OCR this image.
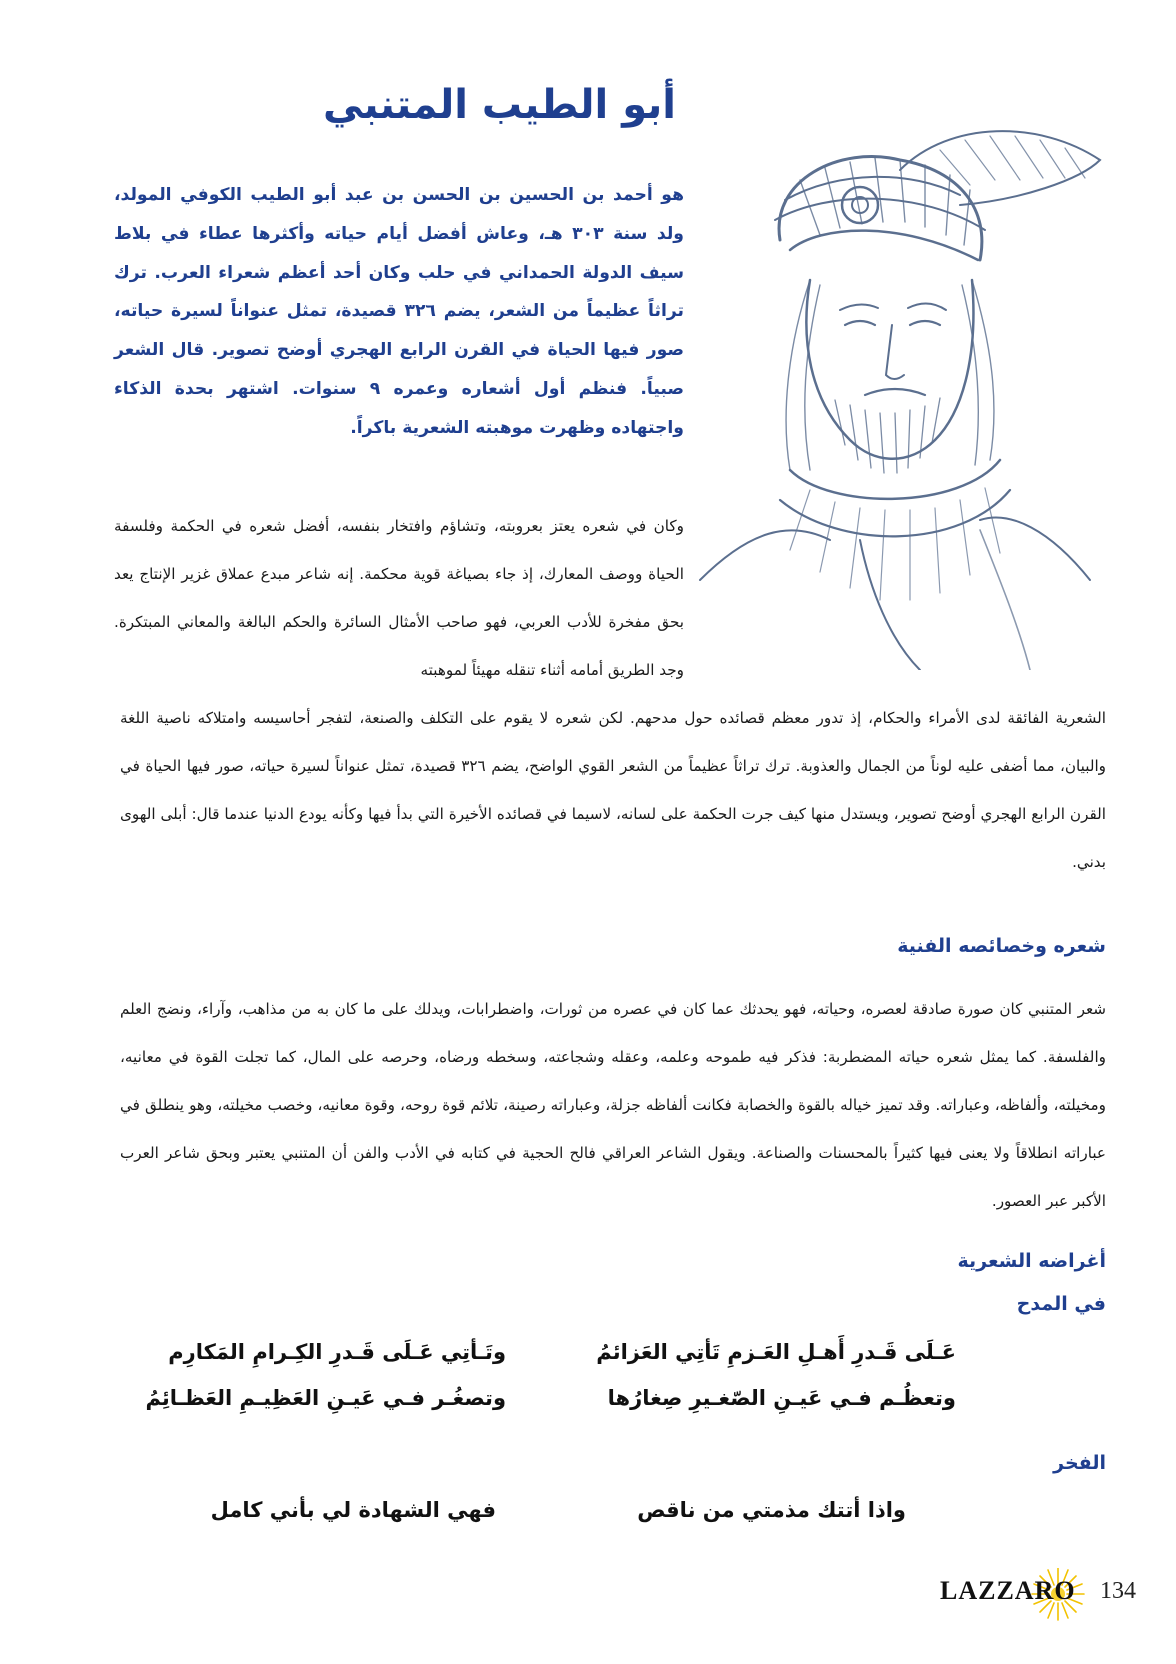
أبو الطيب المتنبي

هو أحمد بن الحسين بن الحسن بن عبد أبو الطيب الكوفي المولد، ولد سنة ٣٠٣ هـ، وعاش أفضل أيام حياته وأكثرها عطاء في بلاط سيف الدولة الحمداني في حلب وكان أحد أعظم شعراء العرب. ترك تراثاً عظيماً من الشعر، يضم ٣٢٦ قصيدة، تمثل عنواناً لسيرة حياته، صور فيها الحياة في القرن الرابع الهجري أوضح تصوير. قال الشعر صبياً. فنظم أول أشعاره وعمره ٩ سنوات. اشتهر بحدة الذكاء واجتهاده وظهرت موهبته الشعرية باكراً.

وكان في شعره يعتز بعروبته، وتشاؤم وافتخار بنفسه، أفضل شعره في الحكمة وفلسفة الحياة ووصف المعارك، إذ جاء بصياغة قوية محكمة. إنه شاعر مبدع عملاق غزير الإنتاج يعد بحق مفخرة للأدب العربي، فهو صاحب الأمثال السائرة والحكم البالغة والمعاني المبتكرة. وجد الطريق أمامه أثناء تنقله مهيئاً لموهبته

الشعرية الفائقة لدى الأمراء والحكام، إذ تدور معظم قصائده حول مدحهم. لكن شعره لا يقوم على التكلف والصنعة، لتفجر أحاسيسه وامتلاكه ناصية اللغة والبيان، مما أضفى عليه لوناً من الجمال والعذوبة. ترك تراثاً عظيماً من الشعر القوي الواضح، يضم ٣٢٦ قصيدة، تمثل عنواناً لسيرة حياته، صور فيها الحياة في القرن الرابع الهجري أوضح تصوير، ويستدل منها كيف جرت الحكمة على لسانه، لاسيما في قصائده الأخيرة التي بدأ فيها وكأنه يودع الدنيا عندما قال: أبلى الهوى بدني.

شعره وخصائصه الفنية

شعر المتنبي كان صورة صادقة لعصره، وحياته، فهو يحدثك عما كان في عصره من ثورات، واضطرابات، ويدلك على ما كان به من مذاهب، وآراء، ونضج العلم والفلسفة. كما يمثل شعره حياته المضطربة: فذكر فيه طموحه وعلمه، وعقله وشجاعته، وسخطه ورضاه، وحرصه على المال، كما تجلت القوة في معانيه، ومخيلته، وألفاظه، وعباراته. وقد تميز خياله بالقوة والخصابة فكانت ألفاظه جزلة، وعباراته رصينة، تلائم قوة روحه، وقوة معانيه، وخصب مخيلته، وهو ينطلق في عباراته انطلاقاً ولا يعنى فيها كثيراً بالمحسنات والصناعة. ويقول الشاعر العراقي فالح الحجية في كتابه في الأدب والفن أن المتنبي يعتبر وبحق شاعر العرب الأكبر عبر العصور.

أغراضه الشعرية
في المدح

عَـلَى قَـدرِ أَهـلِ العَـزمِ تَأتِي العَزائمُ

وتَـأتِي عَـلَى قَـدرِ الكِـرامِ المَكارِم

وتعظُـم فـي عَيـنِ الصّغـيرِ صِغارُها

وتصغُـر فـي عَيـنِ العَظِيـمِ العَظـائِمُ

الفخر

واذا أتتك مذمتي من ناقص

فهي الشهادة لي بأني كامل

LAZZARO 134
